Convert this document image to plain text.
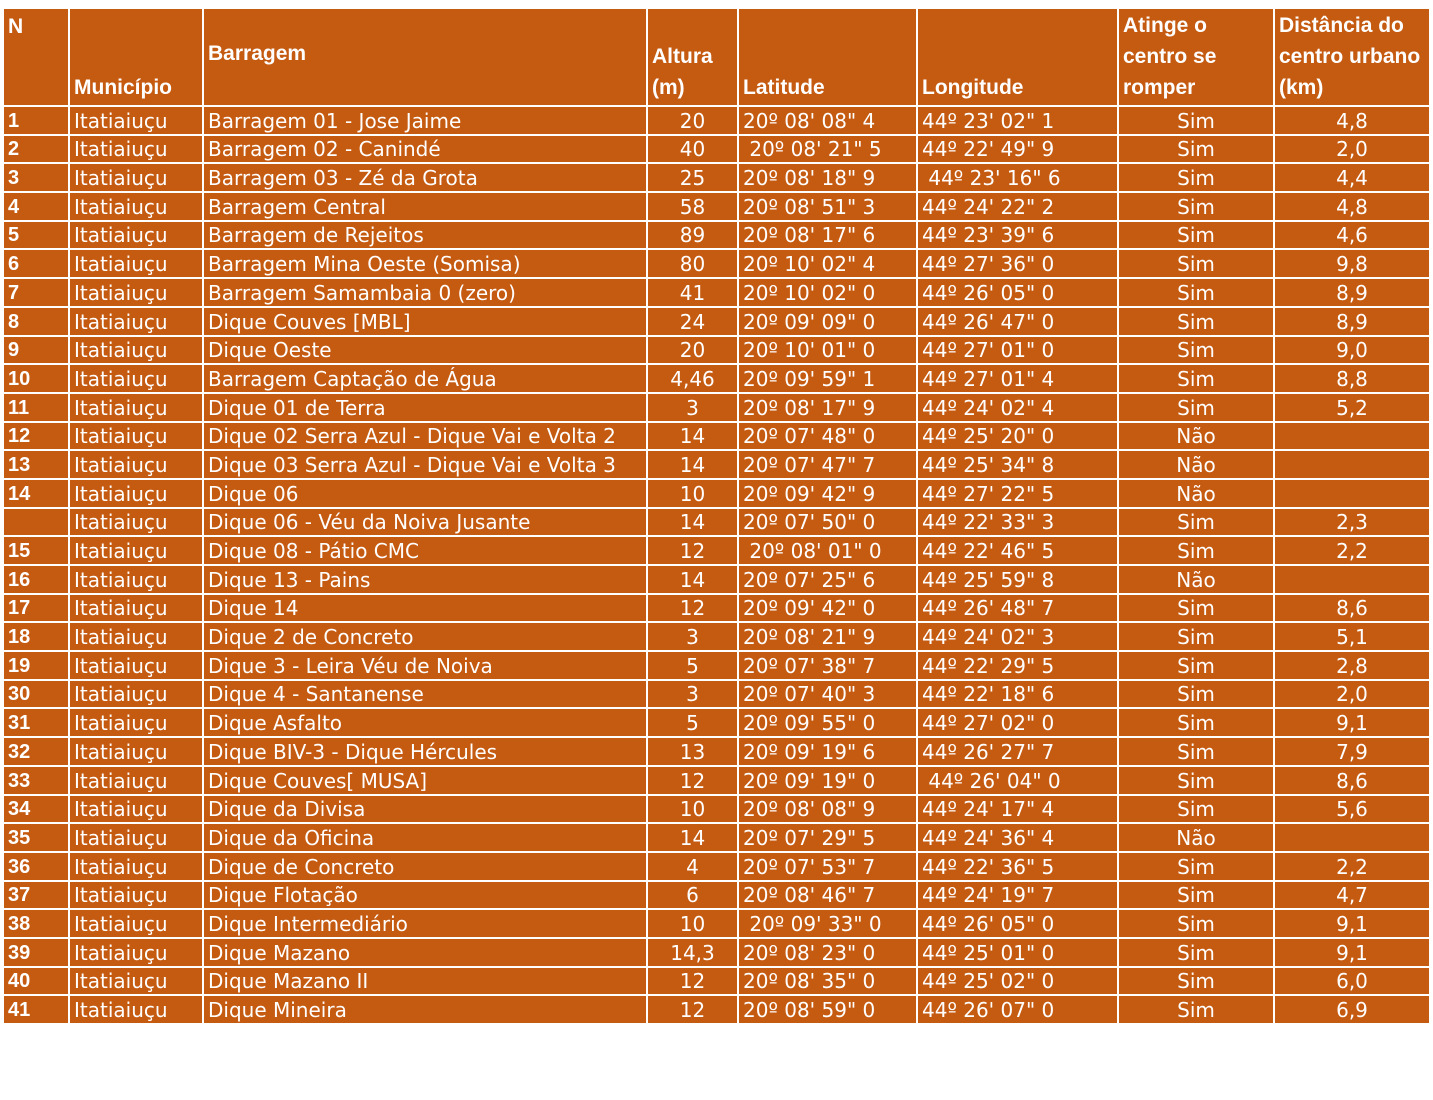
N	Município	Barragem	Altura (m)	Latitude	Longitude	Atinge o centro se romper	Distância do centro urbano (km)
1	Itatiaiuçu	Barragem 01 - Jose Jaime	20	20º 08' 08" 4	44º 23' 02" 1	Sim	4,8
2	Itatiaiuçu	Barragem 02 - Canindé	40	20º 08' 21" 5	44º 22' 49" 9	Sim	2,0
3	Itatiaiuçu	Barragem 03 - Zé da Grota	25	20º 08' 18" 9	44º 23' 16" 6	Sim	4,4
4	Itatiaiuçu	Barragem Central	58	20º 08' 51" 3	44º 24' 22" 2	Sim	4,8
5	Itatiaiuçu	Barragem de Rejeitos	89	20º 08' 17" 6	44º 23' 39" 6	Sim	4,6
6	Itatiaiuçu	Barragem Mina Oeste (Somisa)	80	20º 10' 02" 4	44º 27' 36" 0	Sim	9,8
7	Itatiaiuçu	Barragem Samambaia 0 (zero)	41	20º 10' 02" 0	44º 26' 05" 0	Sim	8,9
8	Itatiaiuçu	Dique Couves [MBL]	24	20º 09' 09" 0	44º 26' 47" 0	Sim	8,9
9	Itatiaiuçu	Dique Oeste	20	20º 10' 01" 0	44º 27' 01" 0	Sim	9,0
10	Itatiaiuçu	Barragem Captação de Água	4,46	20º 09' 59" 1	44º 27' 01" 4	Sim	8,8
11	Itatiaiuçu	Dique 01 de Terra	3	20º 08' 17" 9	44º 24' 02" 4	Sim	5,2
12	Itatiaiuçu	Dique 02 Serra Azul - Dique Vai e Volta 2	14	20º 07' 48" 0	44º 25' 20" 0	Não	
13	Itatiaiuçu	Dique 03 Serra Azul - Dique Vai e Volta 3	14	20º 07' 47" 7	44º 25' 34" 8	Não	
14	Itatiaiuçu	Dique 06	10	20º 09' 42" 9	44º 27' 22" 5	Não	
	Itatiaiuçu	Dique 06 - Véu da Noiva Jusante	14	20º 07' 50" 0	44º 22' 33" 3	Sim	2,3
15	Itatiaiuçu	Dique 08 - Pátio CMC	12	20º 08' 01" 0	44º 22' 46" 5	Sim	2,2
16	Itatiaiuçu	Dique 13 - Pains	14	20º 07' 25" 6	44º 25' 59" 8	Não	
17	Itatiaiuçu	Dique 14	12	20º 09' 42" 0	44º 26' 48" 7	Sim	8,6
18	Itatiaiuçu	Dique 2 de Concreto	3	20º 08' 21" 9	44º 24' 02" 3	Sim	5,1
19	Itatiaiuçu	Dique 3 - Leira Véu de Noiva	5	20º 07' 38" 7	44º 22' 29" 5	Sim	2,8
30	Itatiaiuçu	Dique 4 - Santanense	3	20º 07' 40" 3	44º 22' 18" 6	Sim	2,0
31	Itatiaiuçu	Dique Asfalto	5	20º 09' 55" 0	44º 27' 02" 0	Sim	9,1
32	Itatiaiuçu	Dique BIV-3 - Dique Hércules	13	20º 09' 19" 6	44º 26' 27" 7	Sim	7,9
33	Itatiaiuçu	Dique Couves[ MUSA]	12	20º 09' 19" 0	44º 26' 04" 0	Sim	8,6
34	Itatiaiuçu	Dique da Divisa	10	20º 08' 08" 9	44º 24' 17" 4	Sim	5,6
35	Itatiaiuçu	Dique da Oficina	14	20º 07' 29" 5	44º 24' 36" 4	Não	
36	Itatiaiuçu	Dique de Concreto	4	20º 07' 53" 7	44º 22' 36" 5	Sim	2,2
37	Itatiaiuçu	Dique Flotação	6	20º 08' 46" 7	44º 24' 19" 7	Sim	4,7
38	Itatiaiuçu	Dique Intermediário	10	20º 09' 33" 0	44º 26' 05" 0	Sim	9,1
39	Itatiaiuçu	Dique Mazano	14,3	20º 08' 23" 0	44º 25' 01" 0	Sim	9,1
40	Itatiaiuçu	Dique Mazano II	12	20º 08' 35" 0	44º 25' 02" 0	Sim	6,0
41	Itatiaiuçu	Dique Mineira	12	20º 08' 59" 0	44º 26' 07" 0	Sim	6,9
